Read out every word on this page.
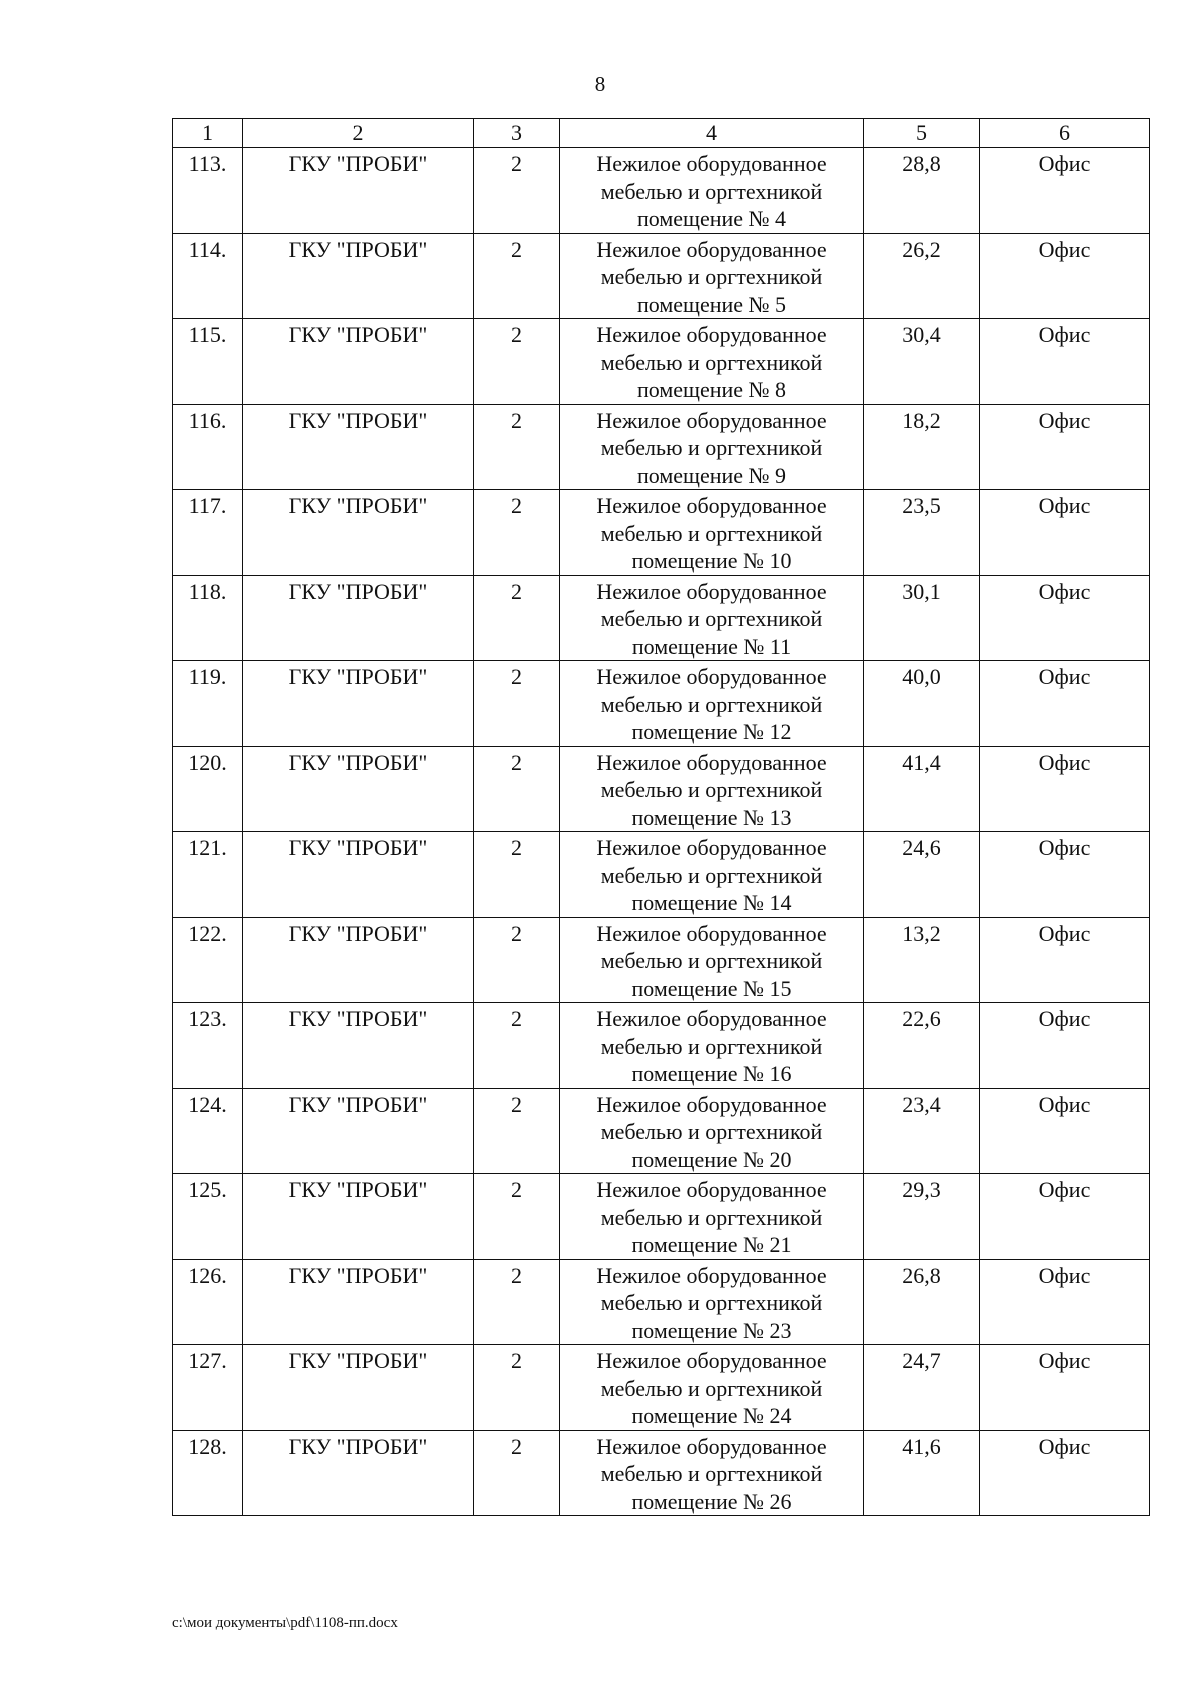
8
1	2	3	4	5	6
113.	ГКУ "ПРОБИ"	2	Нежилое оборудованное
мебелью и оргтехникой
помещение № 4	28,8	Офис
114.	ГКУ "ПРОБИ"	2	Нежилое оборудованное
мебелью и оргтехникой
помещение № 5	26,2	Офис
115.	ГКУ "ПРОБИ"	2	Нежилое оборудованное
мебелью и оргтехникой
помещение № 8	30,4	Офис
116.	ГКУ "ПРОБИ"	2	Нежилое оборудованное
мебелью и оргтехникой
помещение № 9	18,2	Офис
117.	ГКУ "ПРОБИ"	2	Нежилое оборудованное
мебелью и оргтехникой
помещение № 10	23,5	Офис
118.	ГКУ "ПРОБИ"	2	Нежилое оборудованное
мебелью и оргтехникой
помещение № 11	30,1	Офис
119.	ГКУ "ПРОБИ"	2	Нежилое оборудованное
мебелью и оргтехникой
помещение № 12	40,0	Офис
120.	ГКУ "ПРОБИ"	2	Нежилое оборудованное
мебелью и оргтехникой
помещение № 13	41,4	Офис
121.	ГКУ "ПРОБИ"	2	Нежилое оборудованное
мебелью и оргтехникой
помещение № 14	24,6	Офис
122.	ГКУ "ПРОБИ"	2	Нежилое оборудованное
мебелью и оргтехникой
помещение № 15	13,2	Офис
123.	ГКУ "ПРОБИ"	2	Нежилое оборудованное
мебелью и оргтехникой
помещение № 16	22,6	Офис
124.	ГКУ "ПРОБИ"	2	Нежилое оборудованное
мебелью и оргтехникой
помещение № 20	23,4	Офис
125.	ГКУ "ПРОБИ"	2	Нежилое оборудованное
мебелью и оргтехникой
помещение № 21	29,3	Офис
126.	ГКУ "ПРОБИ"	2	Нежилое оборудованное
мебелью и оргтехникой
помещение № 23	26,8	Офис
127.	ГКУ "ПРОБИ"	2	Нежилое оборудованное
мебелью и оргтехникой
помещение № 24	24,7	Офис
128.	ГКУ "ПРОБИ"	2	Нежилое оборудованное
мебелью и оргтехникой
помещение № 26	41,6	Офис
c:\мои документы\pdf\1108-пп.docx
